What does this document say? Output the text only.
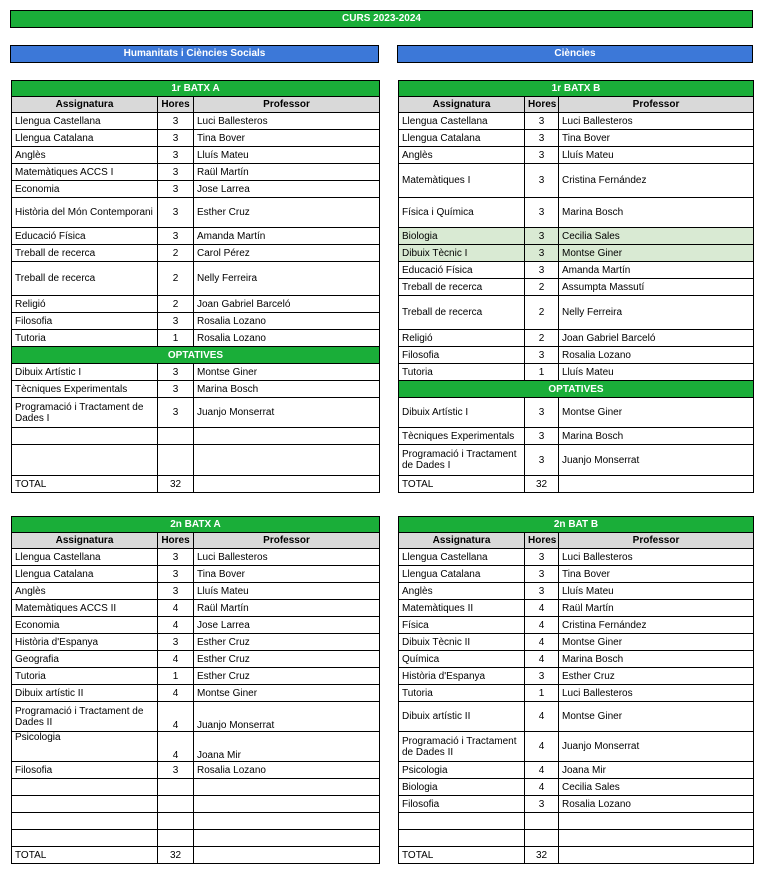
CURS 2023-2024
Humanitats i Ciències Socials	Ciències
1r BATX A		
Assignatura	Hores	Professor
Llengua Castellana	3	Luci Ballesteros
Llengua Catalana	3	Tina Bover
Anglès	3	Lluís Mateu
Matemàtiques ACCS I	3	Raül Martín
Economia	3	Jose Larrea
Història del Món Contemporani	3	Esther Cruz
Educació Física	3	Amanda Martín
Treball de recerca	2	Carol Pérez
Treball de recerca	2	Nelly Ferreira
Religió	2	Joan Gabriel Barceló
Filosofia	3	Rosalia Lozano
Tutoria	1	Rosalia Lozano
OPTATIVES		
Dibuix Artístic I	3	Montse Giner
Tècniques Experimentals	3	Marina Bosch
Programació i Tractament de Dades I	3	Juanjo Monserrat

TOTAL	32	
1r BATX B		
Assignatura	Hores	Professor
Llengua Castellana	3	Luci Ballesteros
Llengua Catalana	3	Tina Bover
Anglès	3	Lluís Mateu
Matemàtiques I	3	Cristina Fernández
Física i Química	3	Marina Bosch
Biologia	3	Cecilia Sales
Dibuix Tècnic I	3	Montse Giner
Educació Física	3	Amanda Martín
Treball de recerca	2	Assumpta Massutí
Treball de recerca	2	Nelly Ferreira
Religió	2	Joan Gabriel Barceló
Filosofia	3	Rosalia Lozano
Tutoria	1	Lluís Mateu
OPTATIVES		
Dibuix Artístic I	3	Montse Giner
Tècniques Experimentals	3	Marina Bosch
Programació i Tractament de Dades I	3	Juanjo Monserrat
TOTAL	32	
2n BATX A		
Assignatura	Hores	Professor
Llengua Castellana	3	Luci Ballesteros
Llengua Catalana	3	Tina Bover
Anglès	3	Lluís Mateu
Matemàtiques ACCS II	4	Raül Martín
Economia	4	Jose Larrea
Història d'Espanya	3	Esther Cruz
Geografia	4	Esther Cruz
Tutoria	1	Esther Cruz
Dibuix artístic II	4	Montse Giner
Programació i Tractament de Dades II	4	Juanjo Monserrat
Psicologia	4	Joana Mir
Filosofia	3	Rosalia Lozano

TOTAL	32	
2n BAT B		
Assignatura	Hores	Professor
Llengua Castellana	3	Luci Ballesteros
Llengua Catalana	3	Tina Bover
Anglès	3	Lluís Mateu
Matemàtiques II	4	Raül Martín
Física	4	Cristina Fernández
Dibuix Tècnic II	4	Montse Giner
Química	4	Marina Bosch
Història d'Espanya	3	Esther Cruz
Tutoria	1	Luci Ballesteros
Dibuix artístic II	4	Montse Giner
Programació i Tractament de Dades II	4	Juanjo Monserrat
Psicologia	4	Joana Mir
Biologia	4	Cecilia Sales
Filosofia	3	Rosalia Lozano

TOTAL	32	
